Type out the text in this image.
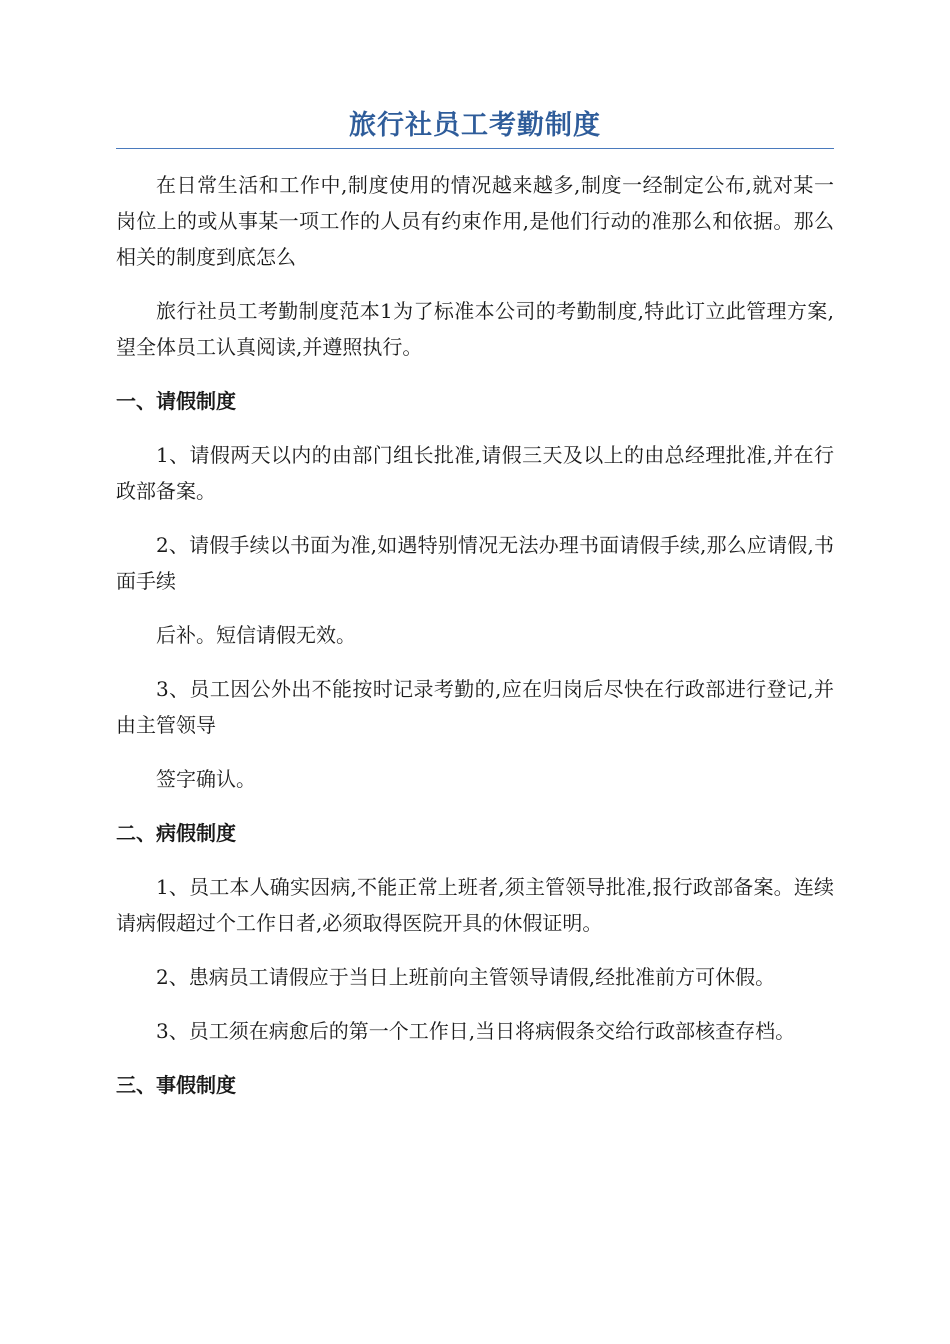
旅行社员工考勤制度

在日常生活和工作中,制度使用的情况越来越多,制度一经制定公布,就对某一岗位上的或从事某一项工作的人员有约束作用,是他们行动的准那么和依据。那么相关的制度到底怎么

旅行社员工考勤制度范本1为了标准本公司的考勤制度,特此订立此管理方案,望全体员工认真阅读,并遵照执行。

一、请假制度

1、请假两天以内的由部门组长批准,请假三天及以上的由总经理批准,并在行政部备案。

2、请假手续以书面为准,如遇特别情况无法办理书面请假手续,那么应请假,书面手续

后补。短信请假无效。

3、员工因公外出不能按时记录考勤的,应在归岗后尽快在行政部进行登记,并由主管领导

签字确认。

二、病假制度

1、员工本人确实因病,不能正常上班者,须主管领导批准,报行政部备案。连续请病假超过个工作日者,必须取得医院开具的休假证明。

2、患病员工请假应于当日上班前向主管领导请假,经批准前方可休假。

3、员工须在病愈后的第一个工作日,当日将病假条交给行政部核查存档。

三、事假制度
